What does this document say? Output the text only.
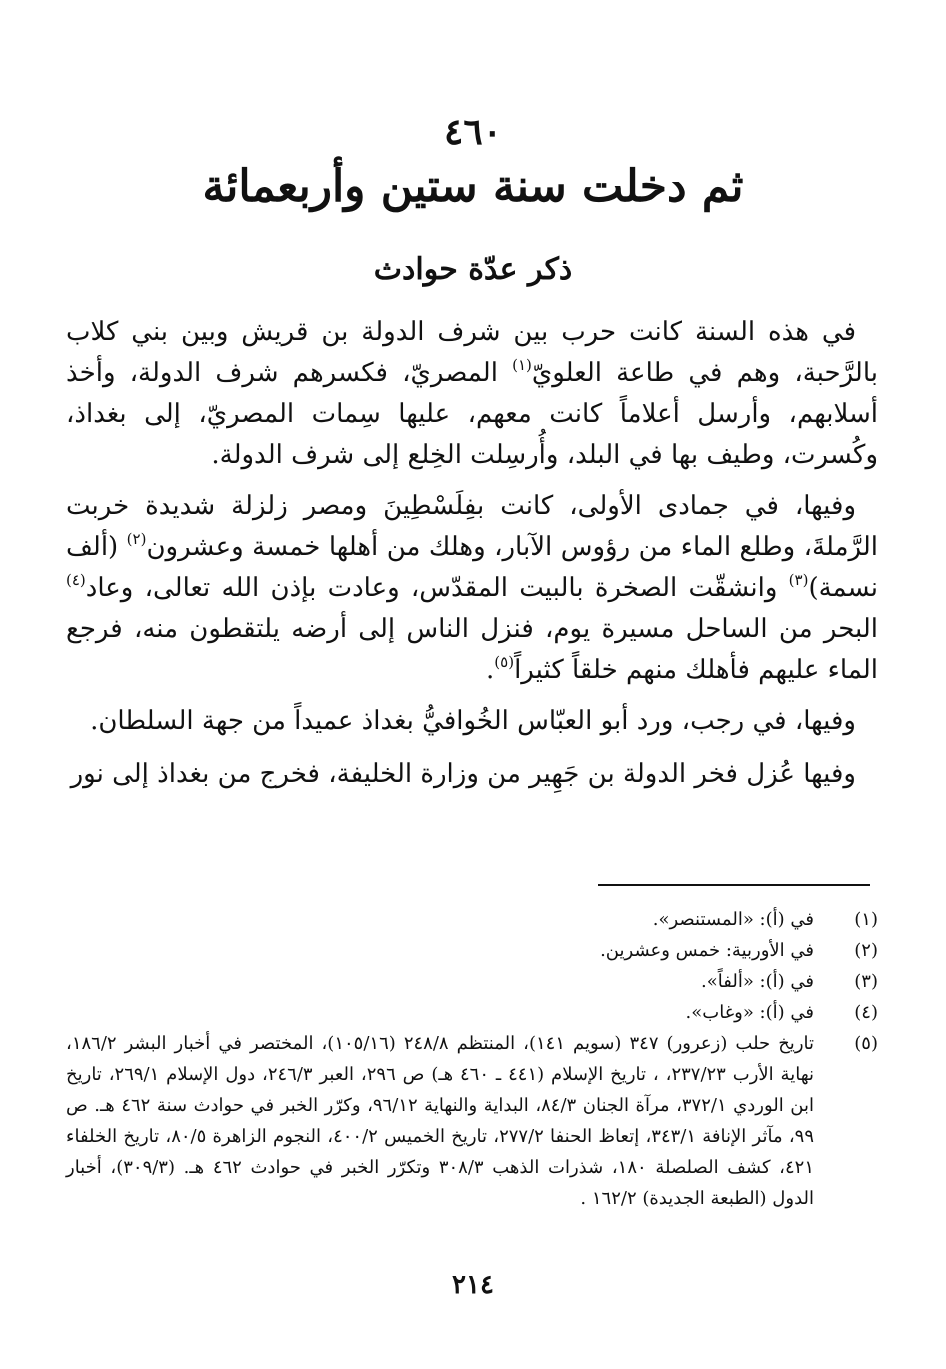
٤٦٠
ثم دخلت سنة ستين وأربعمائة
ذكر عدّة حوادث

في هذه السنة كانت حرب بين شرف الدولة بن قريش وبين بني كلاب بالرَّحبة، وهم في طاعة العلويّ$^{(١)}$ المصريّ، فكسرهم شرف الدولة، وأخذ أسلابهم، وأرسل أعلاماً كانت معهم، عليها سِمات المصريّ، إلى بغداذ، وكُسرت، وطيف بها في البلد، وأُرسِلت الخِلع إلى شرف الدولة.

وفيها، في جمادى الأولى، كانت بفِلَسْطِينَ ومصر زلزلة شديدة خربت الرَّملةَ، وطلع الماء من رؤوس الآبار، وهلك من أهلها خمسة وعشرون$^{(٢)}$ (ألف نسمة)$^{(٣)}$ وانشقّت الصخرة بالبيت المقدّس، وعادت بإذن الله تعالى، وعاد$^{(٤)}$ البحر من الساحل مسيرة يوم، فنزل الناس إلى أرضه يلتقطون منه، فرجع الماء عليهم فأهلك منهم خلقاً كثيراً$^{(٥)}$.

وفيها، في رجب، ورد أبو العبّاس الخُوافيُّ بغداذ عميداً من جهة السلطان.

وفيها عُزل فخر الدولة بن جَهِير من وزارة الخليفة، فخرج من بغداذ إلى نور

(١)
في (أ): «المستنصر».
(٢)
في الأوربية: خمس وعشرين.
(٣)
في (أ): «ألفاً».
(٤)
في (أ): «وغاب».
(٥)
تاريخ حلب (زعرور) ٣٤٧ (سويم ١٤١)، المنتظم ٢٤٨/٨ (١٠٥/١٦)، المختصر في أخبار البشر ١٨٦/٢، نهاية الأرب ٢٣٧/٢٣، ، تاريخ الإسلام (٤٤١ ـ ٤٦٠ هـ) ص ٢٩٦، العبر ٢٤٦/٣، دول الإسلام ٢٦٩/١، تاريخ ابن الوردي ٣٧٢/١، مرآة الجنان ٨٤/٣، البداية والنهاية ٩٦/١٢، وكرّر الخبر في حوادث سنة ٤٦٢ هـ. ص ٩٩، مآثر الإنافة ٣٤٣/١، إتعاظ الحنفا ٢٧٧/٢، تاريخ الخميس ٤٠٠/٢، النجوم الزاهرة ٨٠/٥، تاريخ الخلفاء ٤٢١، كشف الصلصلة ١٨٠، شذرات الذهب ٣٠٨/٣ وتكرّر الخبر في حوادث ٤٦٢ هـ. (٣٠٩/٣)، أخبار الدول (الطبعة الجديدة) ١٦٢/٢ .
٢١٤
